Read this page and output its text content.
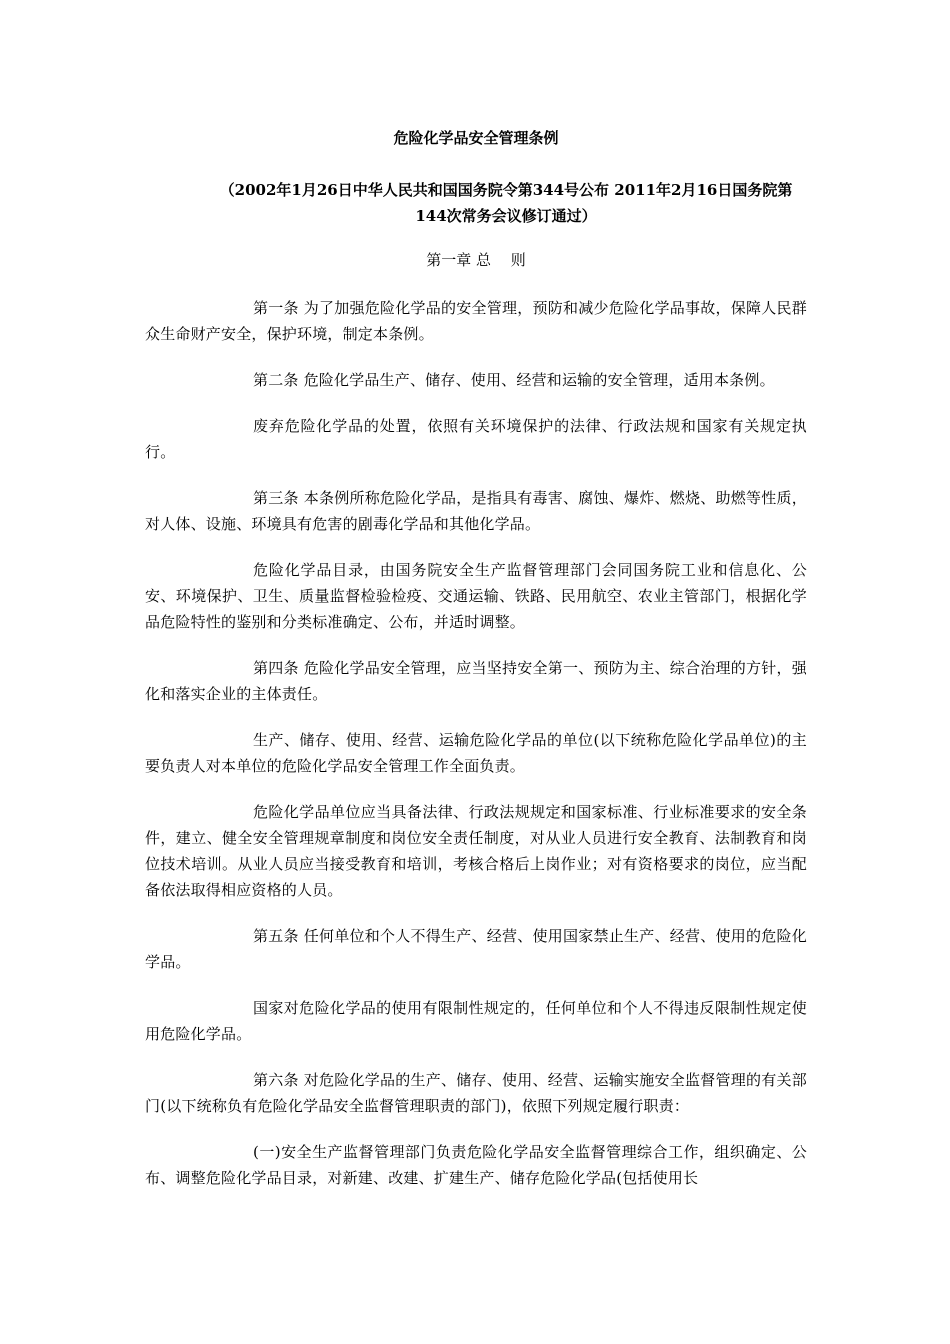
危险化学品安全管理条例
（2002年1月26日中华人民共和国国务院令第344号公布 2011年2月16日国务院第144次常务会议修订通过）
第一章 总　 则

第一条 为了加强危险化学品的安全管理，预防和减少危险化学品事故，保障人民群众生命财产安全，保护环境，制定本条例。

第二条 危险化学品生产、储存、使用、经营和运输的安全管理，适用本条例。

废弃危险化学品的处置，依照有关环境保护的法律、行政法规和国家有关规定执行。

第三条 本条例所称危险化学品，是指具有毒害、腐蚀、爆炸、燃烧、助燃等性质，对人体、设施、环境具有危害的剧毒化学品和其他化学品。

危险化学品目录，由国务院安全生产监督管理部门会同国务院工业和信息化、公安、环境保护、卫生、质量监督检验检疫、交通运输、铁路、民用航空、农业主管部门，根据化学品危险特性的鉴别和分类标准确定、公布，并适时调整。

第四条 危险化学品安全管理，应当坚持安全第一、预防为主、综合治理的方针，强化和落实企业的主体责任。

生产、储存、使用、经营、运输危险化学品的单位(以下统称危险化学品单位)的主要负责人对本单位的危险化学品安全管理工作全面负责。

危险化学品单位应当具备法律、行政法规规定和国家标准、行业标准要求的安全条件，建立、健全安全管理规章制度和岗位安全责任制度，对从业人员进行安全教育、法制教育和岗位技术培训。从业人员应当接受教育和培训，考核合格后上岗作业；对有资格要求的岗位，应当配备依法取得相应资格的人员。

第五条 任何单位和个人不得生产、经营、使用国家禁止生产、经营、使用的危险化学品。

国家对危险化学品的使用有限制性规定的，任何单位和个人不得违反限制性规定使用危险化学品。

第六条 对危险化学品的生产、储存、使用、经营、运输实施安全监督管理的有关部门(以下统称负有危险化学品安全监督管理职责的部门)，依照下列规定履行职责：

(一)安全生产监督管理部门负责危险化学品安全监督管理综合工作，组织确定、公布、调整危险化学品目录，对新建、改建、扩建生产、储存危险化学品(包括使用长
